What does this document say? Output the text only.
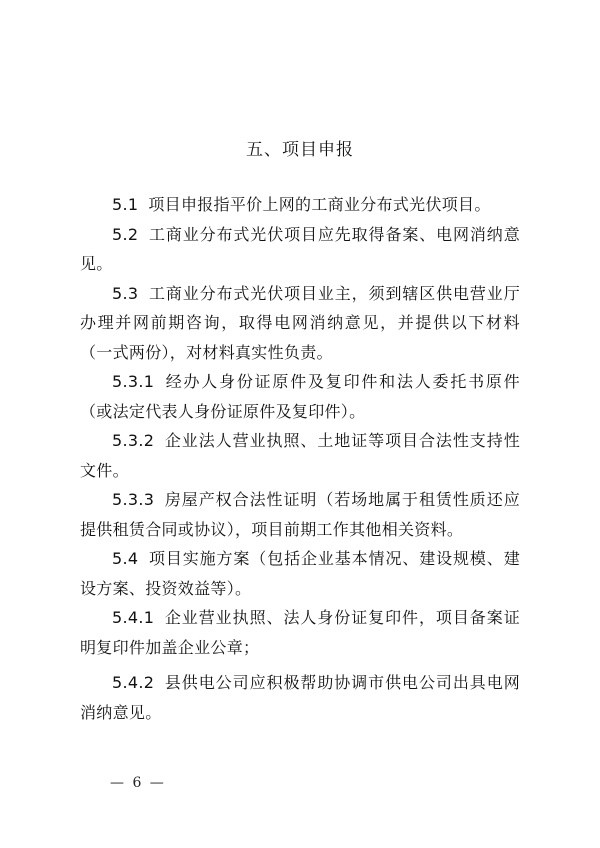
五、项目申报

5.1 项目申报指平价上网的工商业分布式光伏项目。

5.2 工商业分布式光伏项目应先取得备案、电网消纳意见。

5.3 工商业分布式光伏项目业主，须到辖区供电营业厅办理并网前期咨询，取得电网消纳意见，并提供以下材料（一式两份），对材料真实性负责。

5.3.1 经办人身份证原件及复印件和法人委托书原件（或法定代表人身份证原件及复印件）。

5.3.2 企业法人营业执照、土地证等项目合法性支持性文件。

5.3.3 房屋产权合法性证明（若场地属于租赁性质还应提供租赁合同或协议），项目前期工作其他相关资料。

5.4 项目实施方案（包括企业基本情况、建设规模、建设方案、投资效益等）。

5.4.1 企业营业执照、法人身份证复印件，项目备案证明复印件加盖企业公章；

5.4.2 县供电公司应积极帮助协调市供电公司出具电网消纳意见。

— 6 —
